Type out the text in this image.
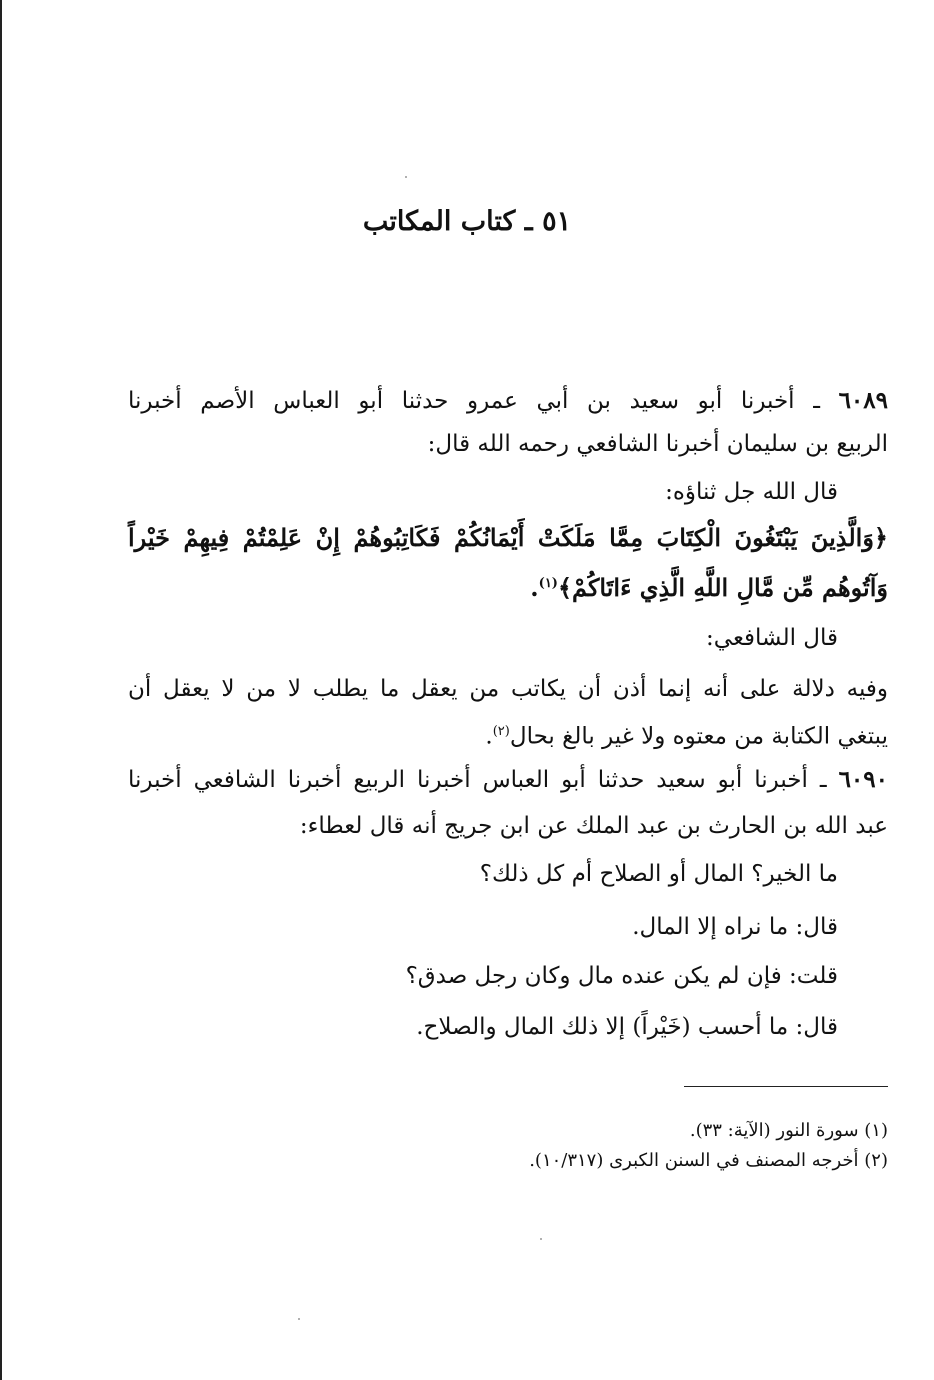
٥١ ـ كتاب المكاتب
٦٠٨٩ ـ أخبرنا أبو سعيد بن أبي عمرو حدثنا أبو العباس الأصم أخبرنا
الربيع بن سليمان أخبرنا الشافعي رحمه الله قال:
قال الله جل ثناؤه:
﴿وَالَّذِينَ يَبْتَغُونَ الْكِتَابَ مِمَّا مَلَكَتْ أَيْمَانُكُمْ فَكَاتِبُوهُمْ إِنْ عَلِمْتُمْ فِيهِمْ خَيْراً
وَآتُوهُم مِّن مَّالِ اللَّهِ الَّذِي ءَاتَاكُمْ﴾$^{(١)}$.
قال الشافعي:
وفيه دلالة على أنه إنما أذن أن يكاتب من يعقل ما يطلب لا من لا يعقل أن
يبتغي الكتابة من معتوه ولا غير بالغ بحال$^{(٢)}$.
٦٠٩٠ ـ أخبرنا أبو سعيد حدثنا أبو العباس أخبرنا الربيع أخبرنا الشافعي أخبرنا
عبد الله بن الحارث بن عبد الملك عن ابن جريج أنه قال لعطاء:
ما الخير؟ المال أو الصلاح أم كل ذلك؟
قال: ما نراه إلا المال.
قلت: فإن لم يكن عنده مال وكان رجل صدق؟
قال: ما أحسب (خَيْراً) إلا ذلك المال والصلاح.
(١) سورة النور (الآية: ٣٣).
(٢) أخرجه المصنف في السنن الكبرى (١٠/٣١٧).
